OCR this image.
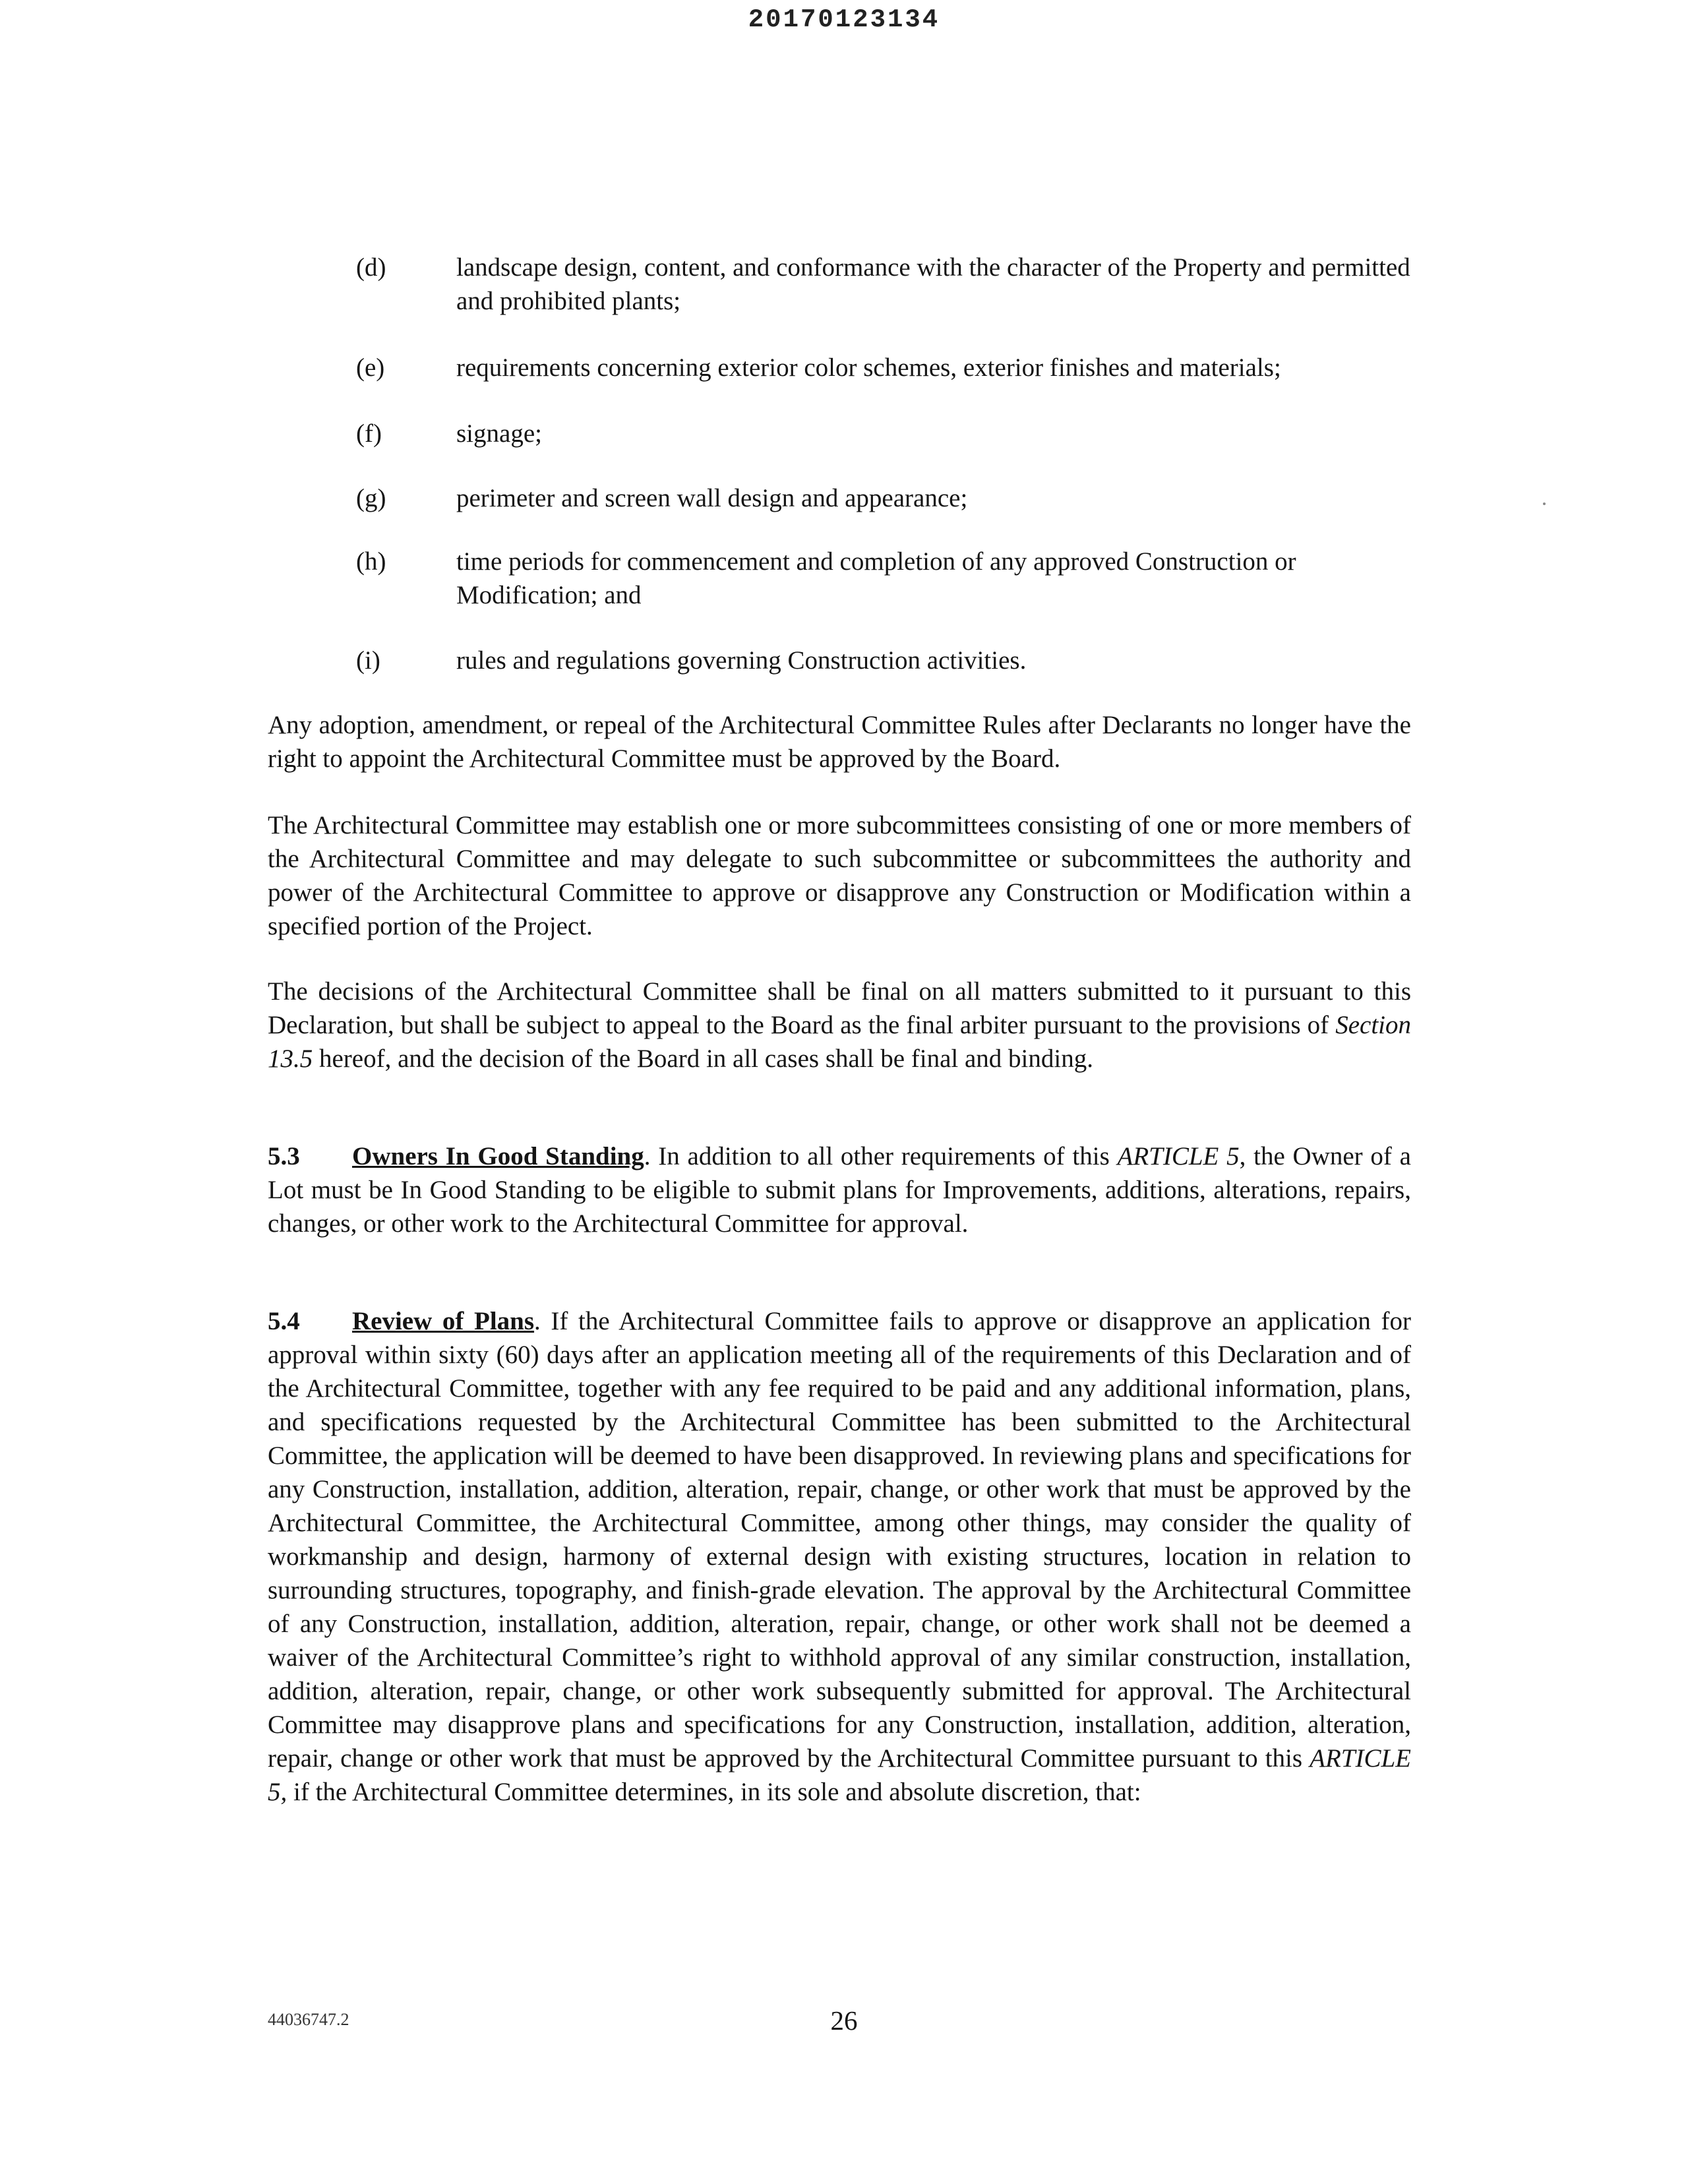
20170123134
(d)	landscape design, content, and conformance with the character of the Property and permitted and prohibited plants;
(e)	requirements concerning exterior color schemes, exterior finishes and materials;
(f)	signage;
(g)	perimeter and screen wall design and appearance;
(h)	time periods for commencement and completion of any approved Construction or Modification; and
(i)	rules and regulations governing Construction activities.
Any adoption, amendment, or repeal of the Architectural Committee Rules after Declarants no longer have the right to appoint the Architectural Committee must be approved by the Board.
The Architectural Committee may establish one or more subcommittees consisting of one or more members of the Architectural Committee and may delegate to such subcommittee or subcommittees the authority and power of the Architectural Committee to approve or disapprove any Construction or Modification within a specified portion of the Project.
The decisions of the Architectural Committee shall be final on all matters submitted to it pursuant to this Declaration, but shall be subject to appeal to the Board as the final arbiter pursuant to the provisions of Section 13.5 hereof, and the decision of the Board in all cases shall be final and binding.
5.3 Owners In Good Standing. In addition to all other requirements of this ARTICLE 5, the Owner of a Lot must be In Good Standing to be eligible to submit plans for Improvements, additions, alterations, repairs, changes, or other work to the Architectural Committee for approval.
5.4 Review of Plans. If the Architectural Committee fails to approve or disapprove an application for approval within sixty (60) days after an application meeting all of the requirements of this Declaration and of the Architectural Committee, together with any fee required to be paid and any additional information, plans, and specifications requested by the Architectural Committee has been submitted to the Architectural Committee, the application will be deemed to have been disapproved. In reviewing plans and specifications for any Construction, installation, addition, alteration, repair, change, or other work that must be approved by the Architectural Committee, the Architectural Committee, among other things, may consider the quality of workmanship and design, harmony of external design with existing structures, location in relation to surrounding structures, topography, and finish-grade elevation. The approval by the Architectural Committee of any Construction, installation, addition, alteration, repair, change, or other work shall not be deemed a waiver of the Architectural Committee’s right to withhold approval of any similar construction, installation, addition, alteration, repair, change, or other work subsequently submitted for approval. The Architectural Committee may disapprove plans and specifications for any Construction, installation, addition, alteration, repair, change or other work that must be approved by the Architectural Committee pursuant to this ARTICLE 5, if the Architectural Committee determines, in its sole and absolute discretion, that:
44036747.2	26
